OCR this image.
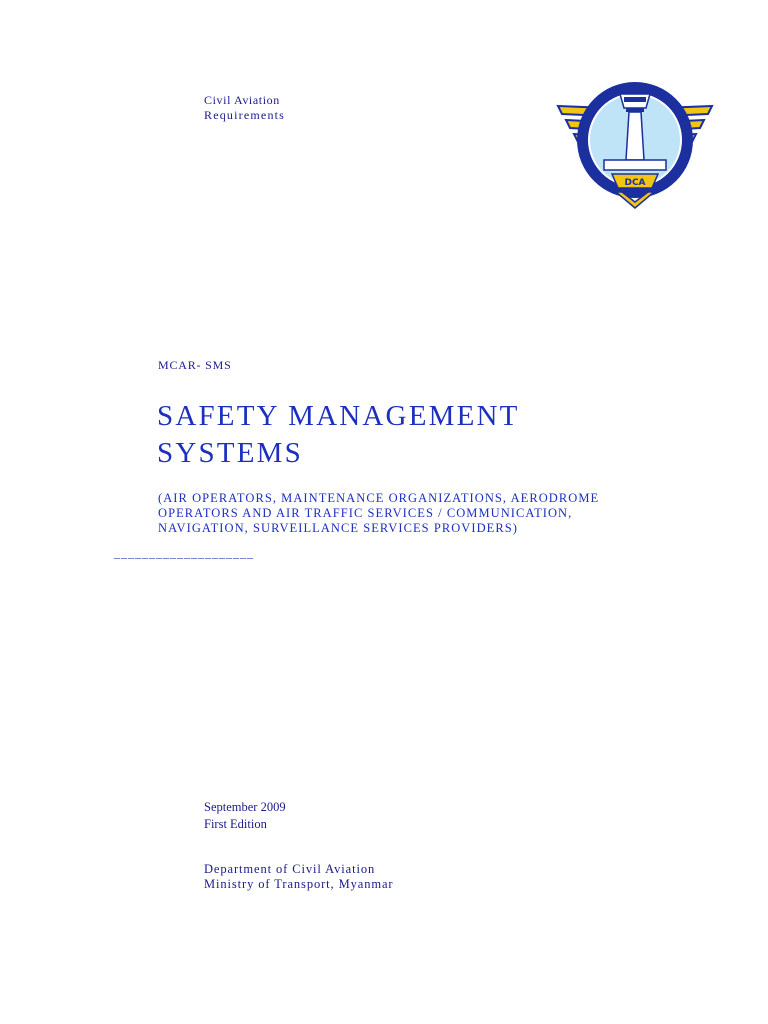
Civil Aviation
Requirements
DCA
MCAR- SMS
SAFETY MANAGEMENT
SYSTEMS
(AIR OPERATORS, MAINTENANCE ORGANIZATIONS, AERODROME
OPERATORS AND AIR TRAFFIC SERVICES / COMMUNICATION,
NAVIGATION, SURVEILLANCE SERVICES PROVIDERS)
____________________
September 2009
First Edition
Department of Civil Aviation
Ministry of Transport, Myanmar
